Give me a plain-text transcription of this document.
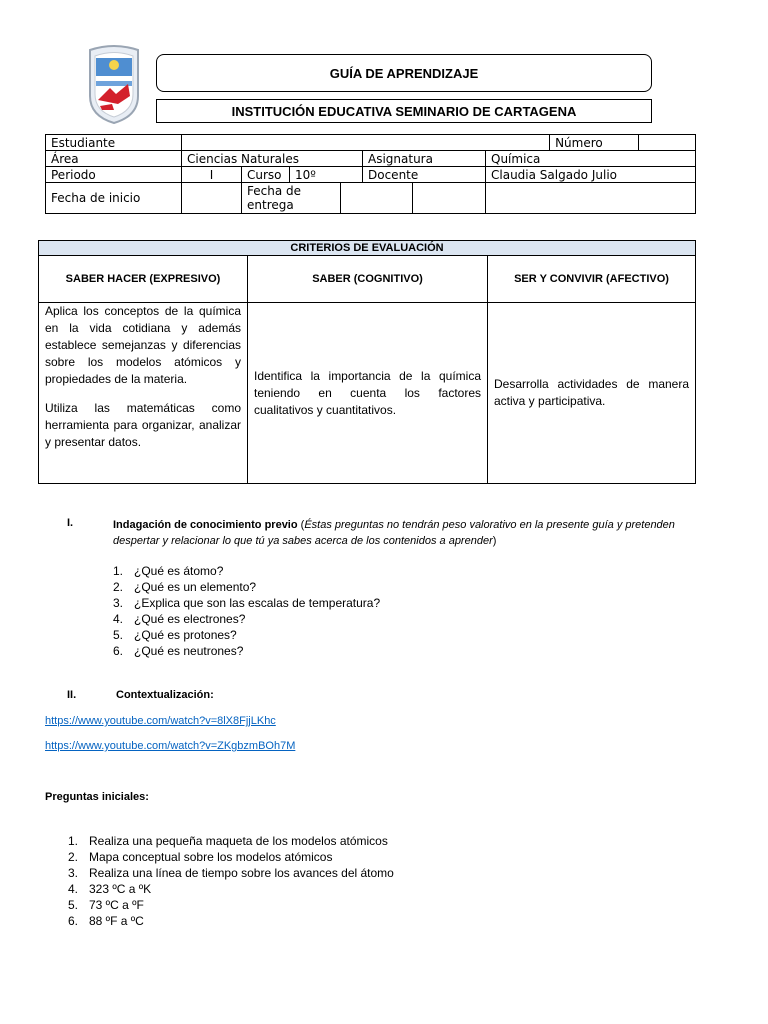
GUÍA DE APRENDIZAJE
INSTITUCIÓN EDUCATIVA SEMINARIO DE CARTAGENA
Estudiante								Número	
Área	Ciencias Naturales				Asignatura		Química		
Periodo	I	Curso	10º		Docente		Claudia Salgado Julio		
Fecha de inicio		Fecha de entrega							
CRITERIOS DE EVALUACIÓN		
SABER HACER (EXPRESIVO)	SABER (COGNITIVO)	SER Y CONVIVIR (AFECTIVO)

Aplica los conceptos de la química en la vida cotidiana y además establece semejanzas y diferencias sobre los modelos atómicos y propiedades de la materia.
Utiliza las matemáticas como herramienta para organizar, analizar y presentar datos.	Identifica la importancia de la química teniendo en cuenta los factores cualitativos y cuantitativos.	Desarrolla actividades de manera activa y participativa.
I.	Indagación de conocimiento previo (Éstas preguntas no tendrán peso valorativo en la presente guía y pretenden despertar y relacionar lo que tú ya sabes acerca de los contenidos a aprender)
1. ¿Qué es átomo?
2. ¿Qué es un elemento?
3. ¿Explica que son las escalas de temperatura?
4. ¿Qué es electrones?
5. ¿Qué es protones?
6. ¿Qué es neutrones?
II.	Contextualización:
https://www.youtube.com/watch?v=8lX8FjjLKhc
https://www.youtube.com/watch?v=ZKgbzmBOh7M
Preguntas iniciales:
1. Realiza una pequeña maqueta de los modelos atómicos
2. Mapa conceptual sobre los modelos atómicos
3. Realiza una línea de tiempo sobre los avances del átomo
4. 323 ºC a ºK
5. 73 ºC a ºF
6. 88 ºF a ºC
